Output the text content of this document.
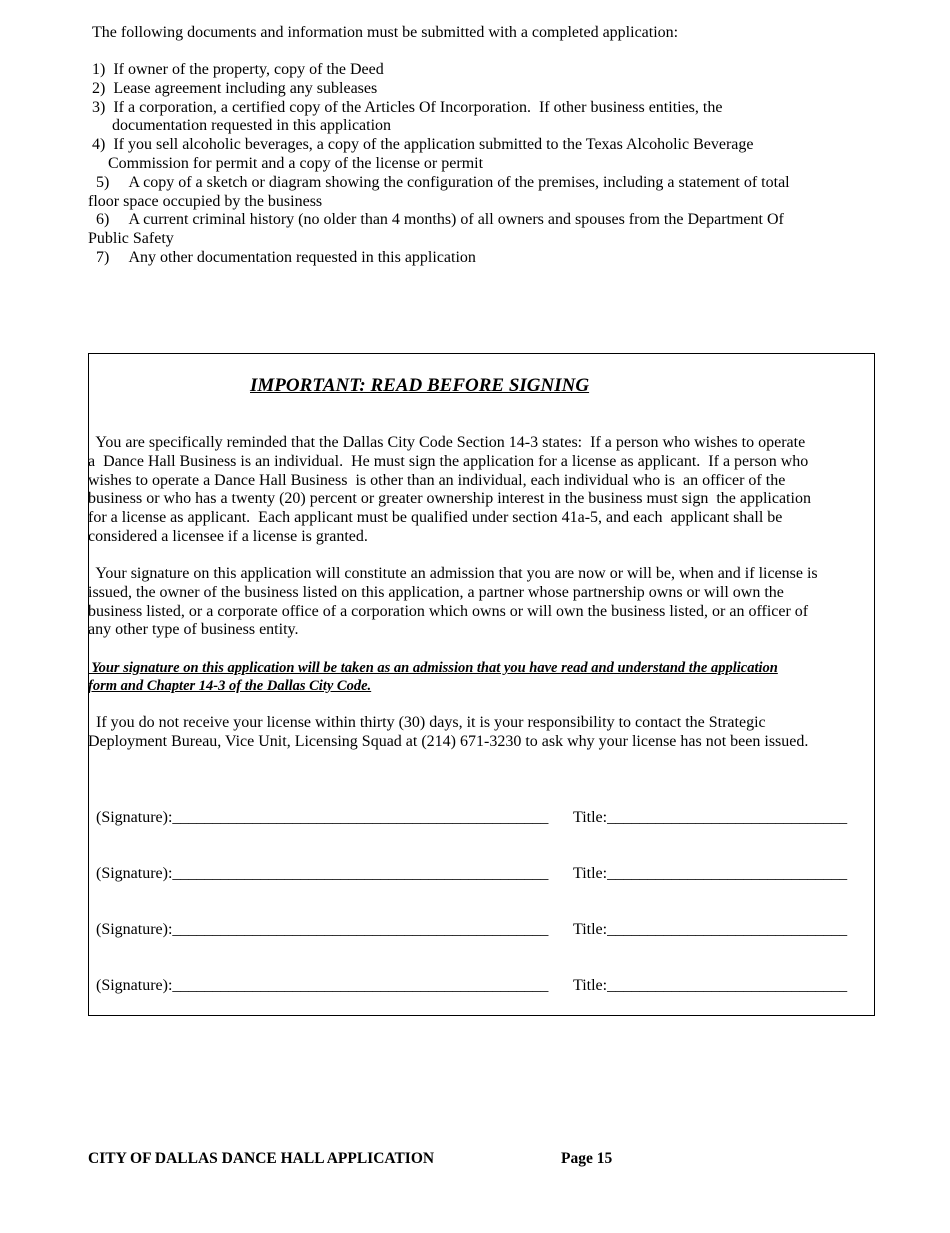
The following documents and information must be submitted with a completed application:
1)  If owner of the property, copy of the Deed
2)  Lease agreement including any subleases
3)  If a corporation, a certified copy of the Articles Of Incorporation.  If other business entities, the
documentation requested in this application
4)  If you sell alcoholic beverages, a copy of the application submitted to the Texas Alcoholic Beverage
Commission for permit and a copy of the license or permit
5)     A copy of a sketch or diagram showing the configuration of the premises, including a statement of total
floor space occupied by the business
6)     A current criminal history (no older than 4 months) of all owners and spouses from the Department Of
Public Safety
7)     Any other documentation requested in this application
IMPORTANT: READ BEFORE SIGNING
You are specifically reminded that the Dallas City Code Section 14-3 states:  If a person who wishes to operate
a  Dance Hall Business is an individual.  He must sign the application for a license as applicant.  If a person who
wishes to operate a Dance Hall Business  is other than an individual, each individual who is  an officer of the
business or who has a twenty (20) percent or greater ownership interest in the business must sign  the application
for a license as applicant.  Each applicant must be qualified under section 41a-5, and each  applicant shall be
considered a licensee if a license is granted.
Your signature on this application will constitute an admission that you are now or will be, when and if license is
issued, the owner of the business listed on this application, a partner whose partnership owns or will own the
business listed, or a corporate office of a corporation which owns or will own the business listed, or an officer of
any other type of business entity.
Your signature on this application will be taken as an admission that you have read and understand the application
form and Chapter 14-3 of the Dallas City Code.
If you do not receive your license within thirty (30) days, it is your responsibility to contact the Strategic
Deployment Bureau, Vice Unit, Licensing Squad at (214) 671-3230 to ask why your license has not been issued.
(Signature):_______________________________________________ Title:______________________________
(Signature):_______________________________________________ Title:______________________________
(Signature):_______________________________________________ Title:______________________________
(Signature):_______________________________________________ Title:______________________________
CITY OF DALLAS DANCE HALL APPLICATION	Page 15
